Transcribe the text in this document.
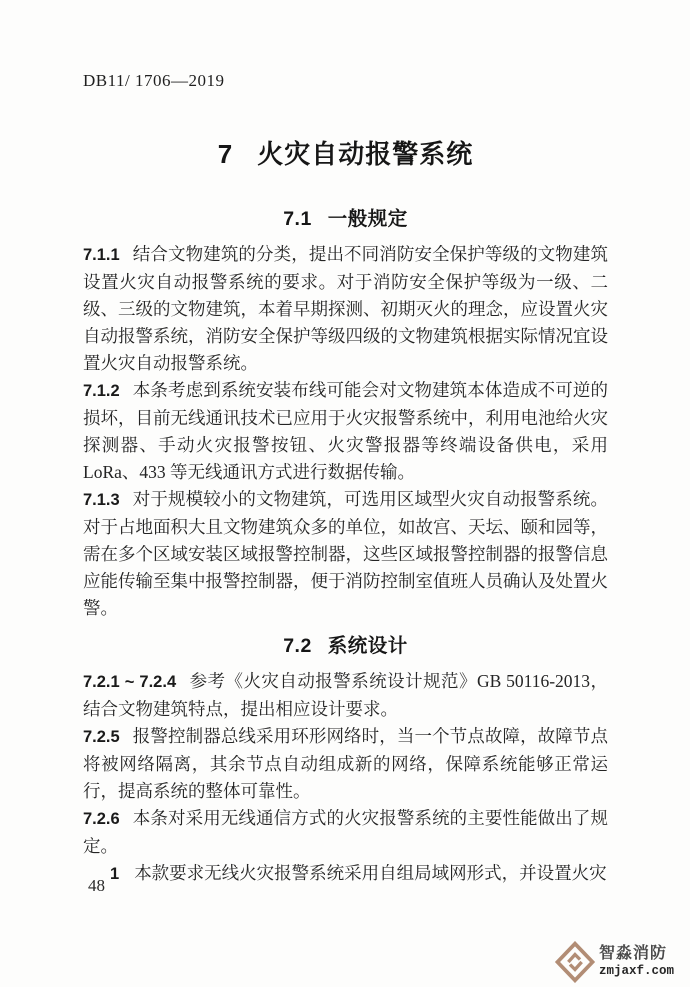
DB11/ 1706—2019
7 火灾自动报警系统
7.1 一般规定

7.1.1 结合文物建筑的分类，提出不同消防安全保护等级的文物建筑设置火灾自动报警系统的要求。对于消防安全保护等级为一级、二级、三级的文物建筑，本着早期探测、初期灭火的理念，应设置火灾自动报警系统，消防安全保护等级四级的文物建筑根据实际情况宜设置火灾自动报警系统。

7.1.2 本条考虑到系统安装布线可能会对文物建筑本体造成不可逆的损坏，目前无线通讯技术已应用于火灾报警系统中，利用电池给火灾探测器、手动火灾报警按钮、火灾警报器等终端设备供电，采用 LoRa、433 等无线通讯方式进行数据传输。

7.1.3 对于规模较小的文物建筑，可选用区域型火灾自动报警系统。对于占地面积大且文物建筑众多的单位，如故宫、天坛、颐和园等，需在多个区域安装区域报警控制器，这些区域报警控制器的报警信息应能传输至集中报警控制器，便于消防控制室值班人员确认及处置火警。

7.2 系统设计

7.2.1 ~ 7.2.4 参考《火灾自动报警系统设计规范》GB 50116-2013，结合文物建筑特点，提出相应设计要求。

7.2.5 报警控制器总线采用环形网络时，当一个节点故障，故障节点将被网络隔离，其余节点自动组成新的网络，保障系统能够正常运行，提高系统的整体可靠性。

7.2.6 本条对采用无线通信方式的火灾报警系统的主要性能做出了规定。

1 本款要求无线火灾报警系统采用自组局域网形式，并设置火灾

48
智淼消防
zmjaxf.com
